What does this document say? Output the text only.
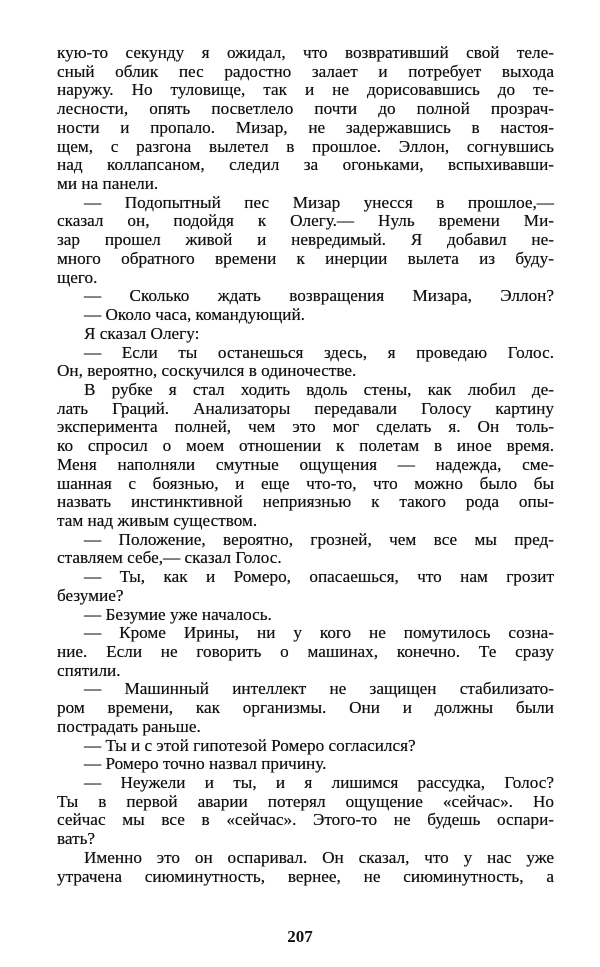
кую-то секунду я ожидал, что возвративший свой теле-
сный облик пес радостно залает и потребует выхода
наружу. Но туловище, так и не дорисовавшись до те-
лесности, опять посветлело почти до полной прозрач-
ности и пропало. Мизар, не задержавшись в настоя-
щем, с разгона вылетел в прошлое. Эллон, согнувшись
над коллапсаном, следил за огоньками, вспыхивавши-
ми на панели.
— Подопытный пес Мизар унесся в прошлое,—
сказал он, подойдя к Олегу.— Нуль времени Ми-
зар прошел живой и невредимый. Я добавил не-
много обратного времени к инерции вылета из буду-
щего.
— Сколько ждать возвращения Мизара, Эллон?
— Около часа, командующий.
Я сказал Олегу:
— Если ты останешься здесь, я проведаю Голос.
Он, вероятно, соскучился в одиночестве.
В рубке я стал ходить вдоль стены, как любил де-
лать Граций. Анализаторы передавали Голосу картину
эксперимента полней, чем это мог сделать я. Он толь-
ко спросил о моем отношении к полетам в иное время.
Меня наполняли смутные ощущения — надежда, сме-
шанная с боязнью, и еще что-то, что можно было бы
назвать инстинктивной неприязнью к такого рода опы-
там над живым существом.
— Положение, вероятно, грозней, чем все мы пред-
ставляем себе,— сказал Голос.
— Ты, как и Ромеро, опасаешься, что нам грозит
безумие?
— Безумие уже началось.
— Кроме Ирины, ни у кого не помутилось созна-
ние. Если не говорить о машинах, конечно. Те сразу
спятили.
— Машинный интеллект не защищен стабилизато-
ром времени, как организмы. Они и должны были
пострадать раньше.
— Ты и с этой гипотезой Ромеро согласился?
— Ромеро точно назвал причину.
— Неужели и ты, и я лишимся рассудка, Голос?
Ты в первой аварии потерял ощущение «сейчас». Но
сейчас мы все в «сейчас». Этого-то не будешь оспари-
вать?
Именно это он оспаривал. Он сказал, что у нас уже
утрачена сиюминутность, вернее, не сиюминутность, а
207
